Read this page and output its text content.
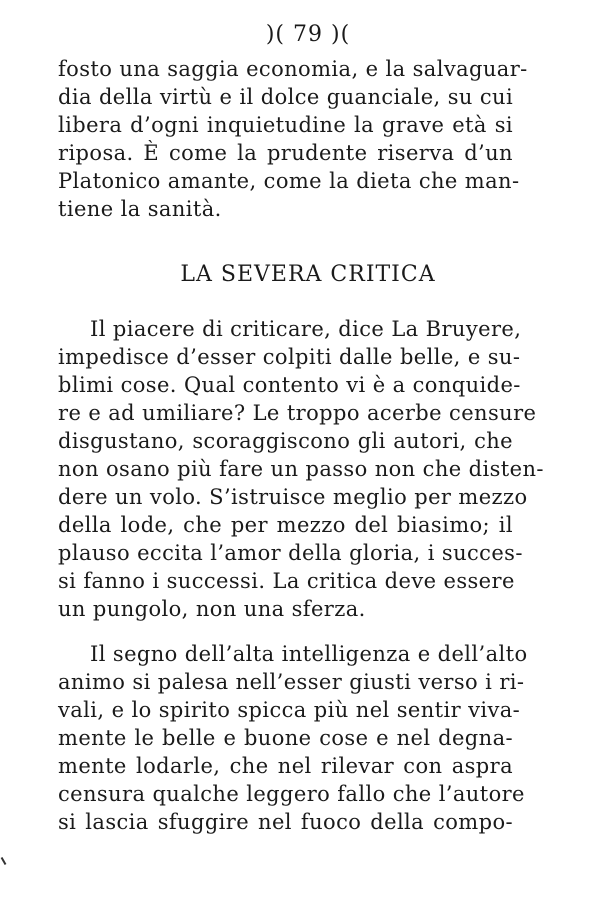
)( 79 )(
fosto una saggia economia, e la salvaguar-
dia della virtù e il dolce guanciale, su cui
libera d’ogni inquietudine la grave età si
riposa. È come la prudente riserva d’un
Platonico amante, come la dieta che man-
tiene la sanità.
LA SEVERA CRITICA
Il piacere di criticare, dice La Bruyere,
impedisce d’esser colpiti dalle belle, e su-
blimi cose. Qual contento vi è a conquide-
re e ad umiliare? Le troppo acerbe censure
disgustano, scoraggiscono gli autori, che
non osano più fare un passo non che disten-
dere un volo. S’istruisce meglio per mezzo
della lode, che per mezzo del biasimo; il
plauso eccita l’amor della gloria, i succes-
si fanno i successi. La critica deve essere
un pungolo, non una sferza.
Il segno dell’alta intelligenza e dell’alto
animo si palesa nell’esser giusti verso i ri-
vali, e lo spirito spicca più nel sentir viva-
mente le belle e buone cose e nel degna-
mente lodarle, che nel rilevar con aspra
censura qualche leggero fallo che l’autore
si lascia sfuggire nel fuoco della compo-
